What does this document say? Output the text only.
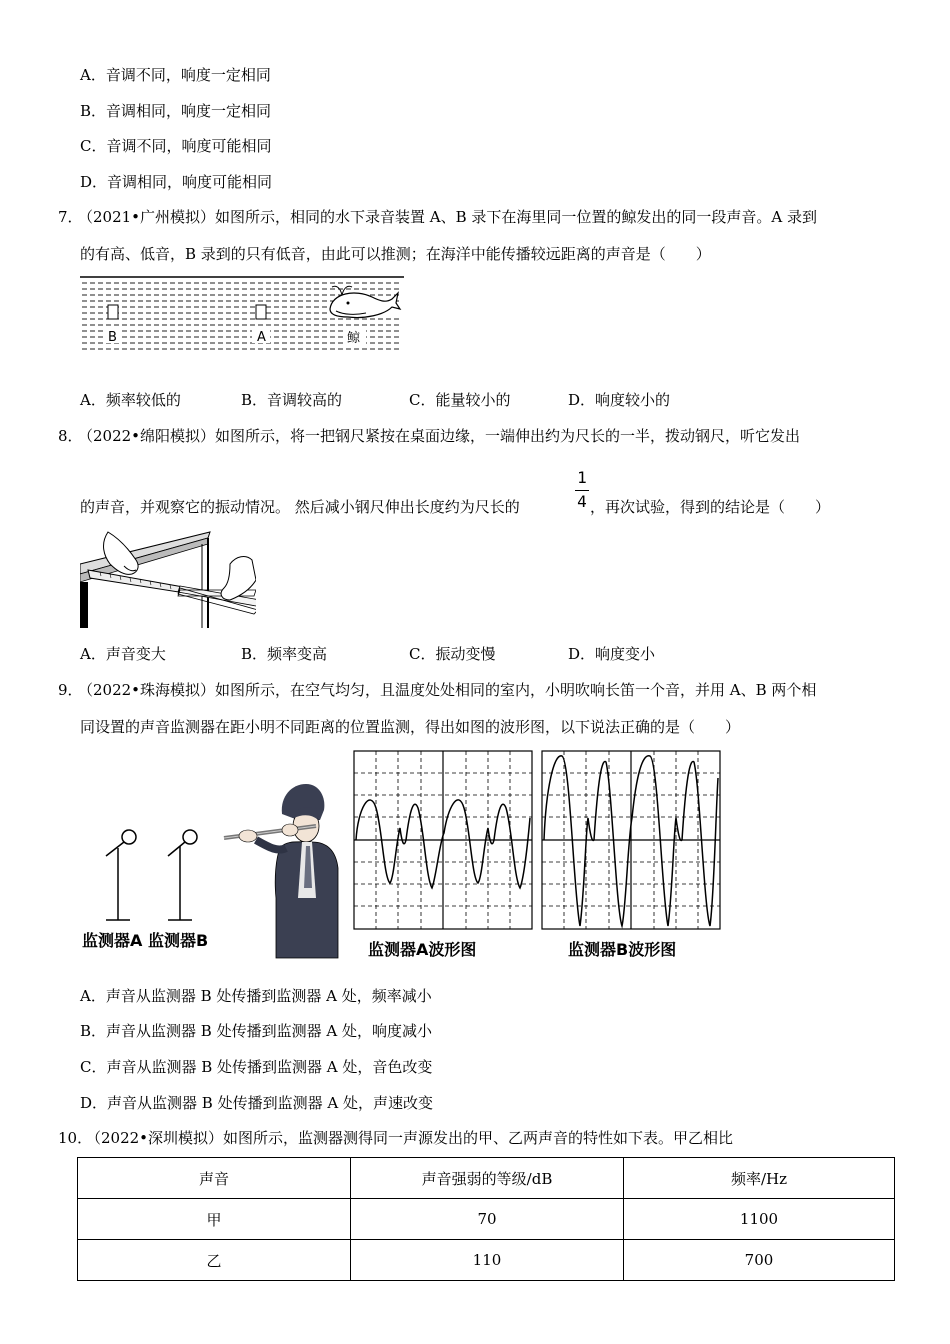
A．音调不同，响度一定相同
B．音调相同，响度一定相同
C．音调不同，响度可能相同
D．音调相同，响度可能相同
7．
（2021•广州模拟）如图所示，相同的水下录音装置 A、B 录下在海里同一位置的鲸发出的同一段声音。A 录到
的有高、低音，B 录到的只有低音，由此可以推测；在海洋中能传播较远距离的声音是（　　）
B	A	鲸
A．频率较低的	B．音调较高的	C．能量较小的	D．响度较小的
8．
（2022•绵阳模拟）如图所示，将一把钢尺紧按在桌面边缘，一端伸出约为尺长的一半，拨动钢尺，听它发出
的声音，并观察它的振动情况。 然后减小钢尺伸出长度约为尺长的
1
4 ，再次试验，得到的结论是（　　）
A．声音变大	B．频率变高	C．振动变慢	D．响度变小
9．
（2022•珠海模拟）如图所示，在空气均匀，且温度处处相同的室内，小明吹响长笛一个音，并用 A、B 两个相
同设置的声音监测器在距小明不同距离的位置监测，得出如图的波形图，以下说法正确的是（　　）
监测器A 监测器B	监测器A波形图	监测器B波形图
A．声音从监测器 B 处传播到监测器 A 处，频率减小
B．声音从监测器 B 处传播到监测器 A 处，响度减小
C．声音从监测器 B 处传播到监测器 A 处，音色改变
D．声音从监测器 B 处传播到监测器 A 处，声速改变
10．
（2022•深圳模拟）如图所示，监测器测得同一声源发出的甲、乙两声音的特性如下表。甲乙相比
声音	声音强弱的等级/dB	频率/Hz
甲	70	1100
乙	110	700
